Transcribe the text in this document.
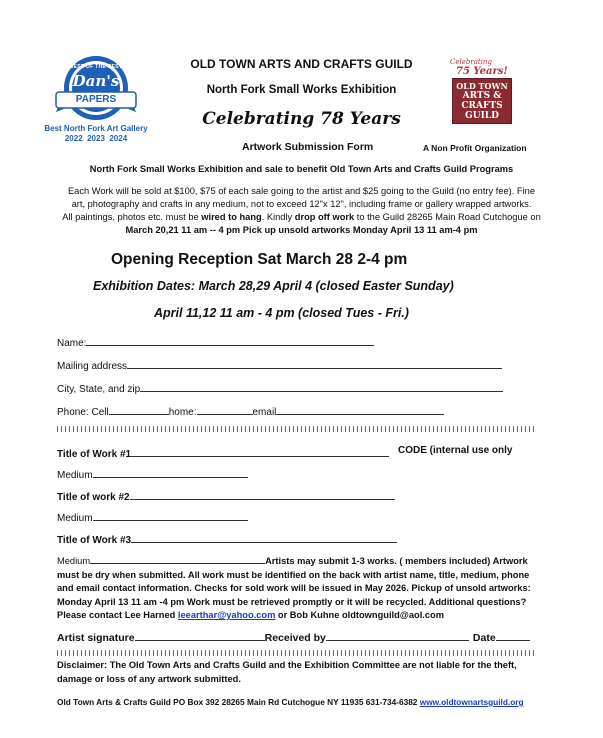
BEST OF THE BEST
Dan's
PAPERS
Best North Fork Art Gallery
2022  2023  2024
Celebrating
75 Years!
OLD TOWN
ARTS &
CRAFTS
GUILD
OLD TOWN ARTS AND CRAFTS GUILD
North Fork Small Works Exhibition
Celebrating 78 Years
Artwork Submission Form	A Non Profit Organization
North Fork Small Works Exhibition and sale to benefit Old Town Arts and Crafts Guild Programs
Each Work will be sold at $100, $75 of each sale going to the artist and $25 going to the Guild (no entry fee). Fine
art, photography and crafts in any medium, not to exceed 12"x 12", including frame or gallery wrapped artworks.
All paintings, photos etc. must be wired to hang. Kindly drop off work to the Guild 28265 Main Road Cutchogue on
March 20,21 11 am -- 4 pm Pick up unsold artworks Monday April 13 11 am-4 pm
Opening Reception Sat March 28 2-4 pm
Exhibition Dates: March 28,29 April 4 (closed Easter Sunday)
April 11,12 11 am - 4 pm (closed Tues - Fri.)
Name:
Mailing address
City, State, and zip
Phone: Cell	home:	email
Title of Work #1	CODE (internal use only
Medium
Title of work #2
Medium
Title of Work #3
Medium	Artists may submit 1-3 works. ( members included) Artwork
must be dry when submitted. All work must be identified on the back with artist name, title, medium, phone
and email contact information. Checks for sold work will be issued in May 2026. Pickup of unsold artworks:
Monday April 13 11 am -4 pm Work must be retrieved promptly or it will be recycled. Additional questions?
Please contact Lee Harned leearthar@yahoo.com or Bob Kuhne oldtownguild@aol.com
Artist signature	Received by	Date
Disclaimer: The Old Town Arts and Crafts Guild and the Exhibition Committee are not liable for the theft,
damage or loss of any artwork submitted.
Old Town Arts & Crafts Guild PO Box 392 28265 Main Rd Cutchogue NY 11935 631-734-6382 www.oldtownartsguild.org
